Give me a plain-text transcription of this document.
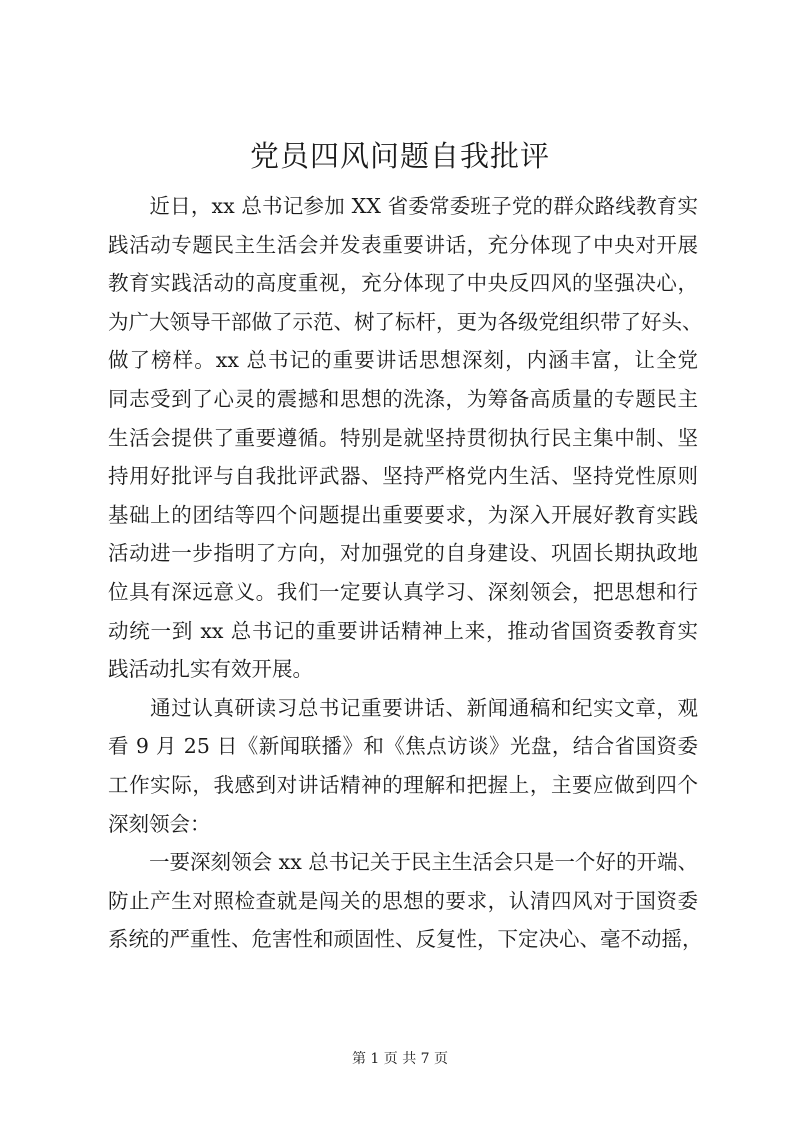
党员四风问题自我批评
　　近日，xx 总书记参加 XX 省委常委班子党的群众路线教育实
践活动专题民主生活会并发表重要讲话，充分体现了中央对开展
教育实践活动的高度重视，充分体现了中央反四风的坚强决心，
为广大领导干部做了示范、树了标杆，更为各级党组织带了好头、
做了榜样。xx 总书记的重要讲话思想深刻，内涵丰富，让全党
同志受到了心灵的震撼和思想的洗涤，为筹备高质量的专题民主
生活会提供了重要遵循。特别是就坚持贯彻执行民主集中制、坚
持用好批评与自我批评武器、坚持严格党内生活、坚持党性原则
基础上的团结等四个问题提出重要要求，为深入开展好教育实践
活动进一步指明了方向，对加强党的自身建设、巩固长期执政地
位具有深远意义。我们一定要认真学习、深刻领会，把思想和行
动统一到 xx 总书记的重要讲话精神上来，推动省国资委教育实
践活动扎实有效开展。
　　通过认真研读习总书记重要讲话、新闻通稿和纪实文章，观
看 9 月 25 日《新闻联播》和《焦点访谈》光盘，结合省国资委
工作实际，我感到对讲话精神的理解和把握上，主要应做到四个
深刻领会：
　　一要深刻领会 xx 总书记关于民主生活会只是一个好的开端、
防止产生对照检查就是闯关的思想的要求，认清四风对于国资委
系统的严重性、危害性和顽固性、反复性，下定决心、毫不动摇，
第 1 页 共 7 页
